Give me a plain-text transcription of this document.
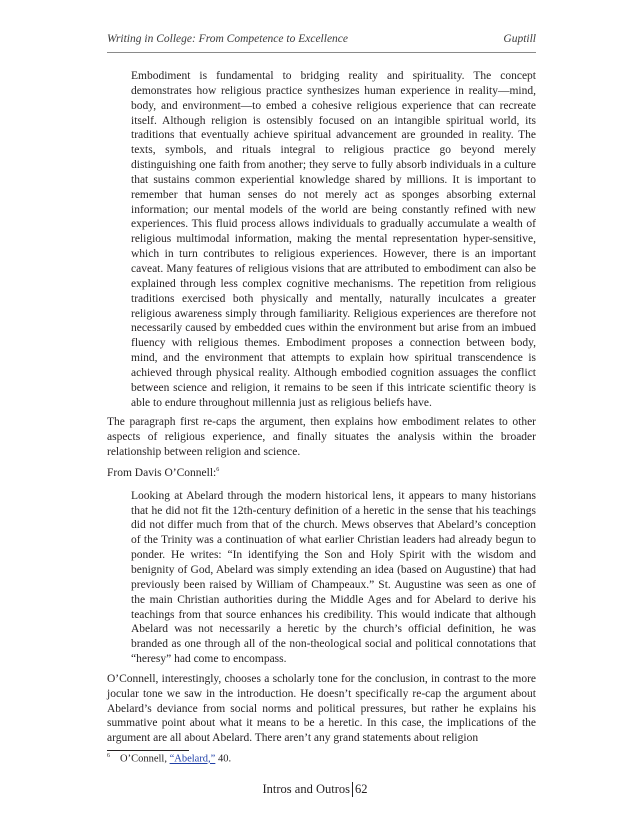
Writing in College: From Competence to Excellence	Guptill

Embodiment is fundamental to bridging reality and spirituality. The concept demonstrates how religious practice synthesizes human experience in reality—mind, body, and environment—to embed a cohesive religious experience that can recreate itself. Although religion is ostensibly focused on an intangible spiritual world, its traditions that eventually achieve spiritual advancement are grounded in reality. The texts, symbols, and rituals integral to religious practice go beyond merely distinguishing one faith from another; they serve to fully absorb individuals in a culture that sustains common experiential knowledge shared by millions. It is important to remember that human senses do not merely act as sponges absorbing external information; our mental models of the world are being constantly refined with new experiences. This fluid process allows individuals to gradually accumulate a wealth of religious multimodal information, making the mental representation hyper-sensitive, which in turn contributes to religious experiences. However, there is an important caveat. Many features of religious visions that are attributed to embodiment can also be explained through less complex cognitive mechanisms. The repetition from religious traditions exercised both physically and mentally, naturally inculcates a greater religious awareness simply through familiarity. Religious experiences are therefore not necessarily caused by embedded cues within the environment but arise from an imbued fluency with religious themes. Embodiment proposes a connection between body, mind, and the environment that attempts to explain how spiritual transcendence is achieved through physical reality. Although embodied cognition assuages the conflict between science and religion, it remains to be seen if this intricate scientific theory is able to endure throughout millennia just as religious beliefs have.

The paragraph first re-caps the argument, then explains how embodiment relates to other aspects of religious experience, and finally situates the analysis within the broader relationship between religion and science.

From Davis O’Connell:$^6$

Looking at Abelard through the modern historical lens, it appears to many historians that he did not fit the 12th-century definition of a heretic in the sense that his teachings did not differ much from that of the church. Mews observes that Abelard’s conception of the Trinity was a continuation of what earlier Christian leaders had already begun to ponder. He writes: “In identifying the Son and Holy Spirit with the wisdom and benignity of God, Abelard was simply extending an idea (based on Augustine) that had previously been raised by William of Champeaux.” St. Augustine was seen as one of the main Christian authorities during the Middle Ages and for Abelard to derive his teachings from that source enhances his credibility. This would indicate that although Abelard was not necessarily a heretic by the church’s official definition, he was branded as one through all of the non-theological social and political connotations that “heresy” had come to encompass.

O’Connell, interestingly, chooses a scholarly tone for the conclusion, in contrast to the more jocular tone we saw in the introduction. He doesn’t specifically re-cap the argument about Abelard’s deviance from social norms and political pressures, but rather he explains his summative point about what it means to be a heretic. In this case, the implications of the argument are all about Abelard. There aren’t any grand statements about religion

$^6$ O’Connell, “Abelard,” 40.
Intros and Outros 62
